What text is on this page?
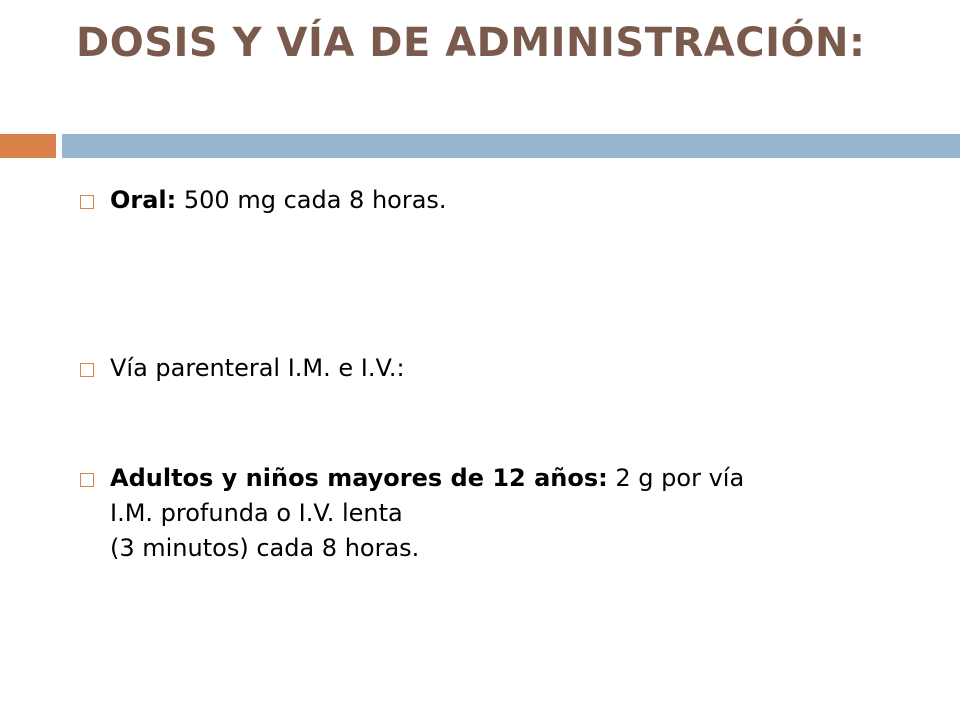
DOSIS Y VÍA DE ADMINISTRACIÓN:
Oral: 500 mg cada 8 horas.
Vía parenteral I.M. e I.V.:
Adultos y niños mayores de 12 años: 2 g por vía
I.M. profunda o I.V. lenta
(3 minutos) cada 8 horas.
